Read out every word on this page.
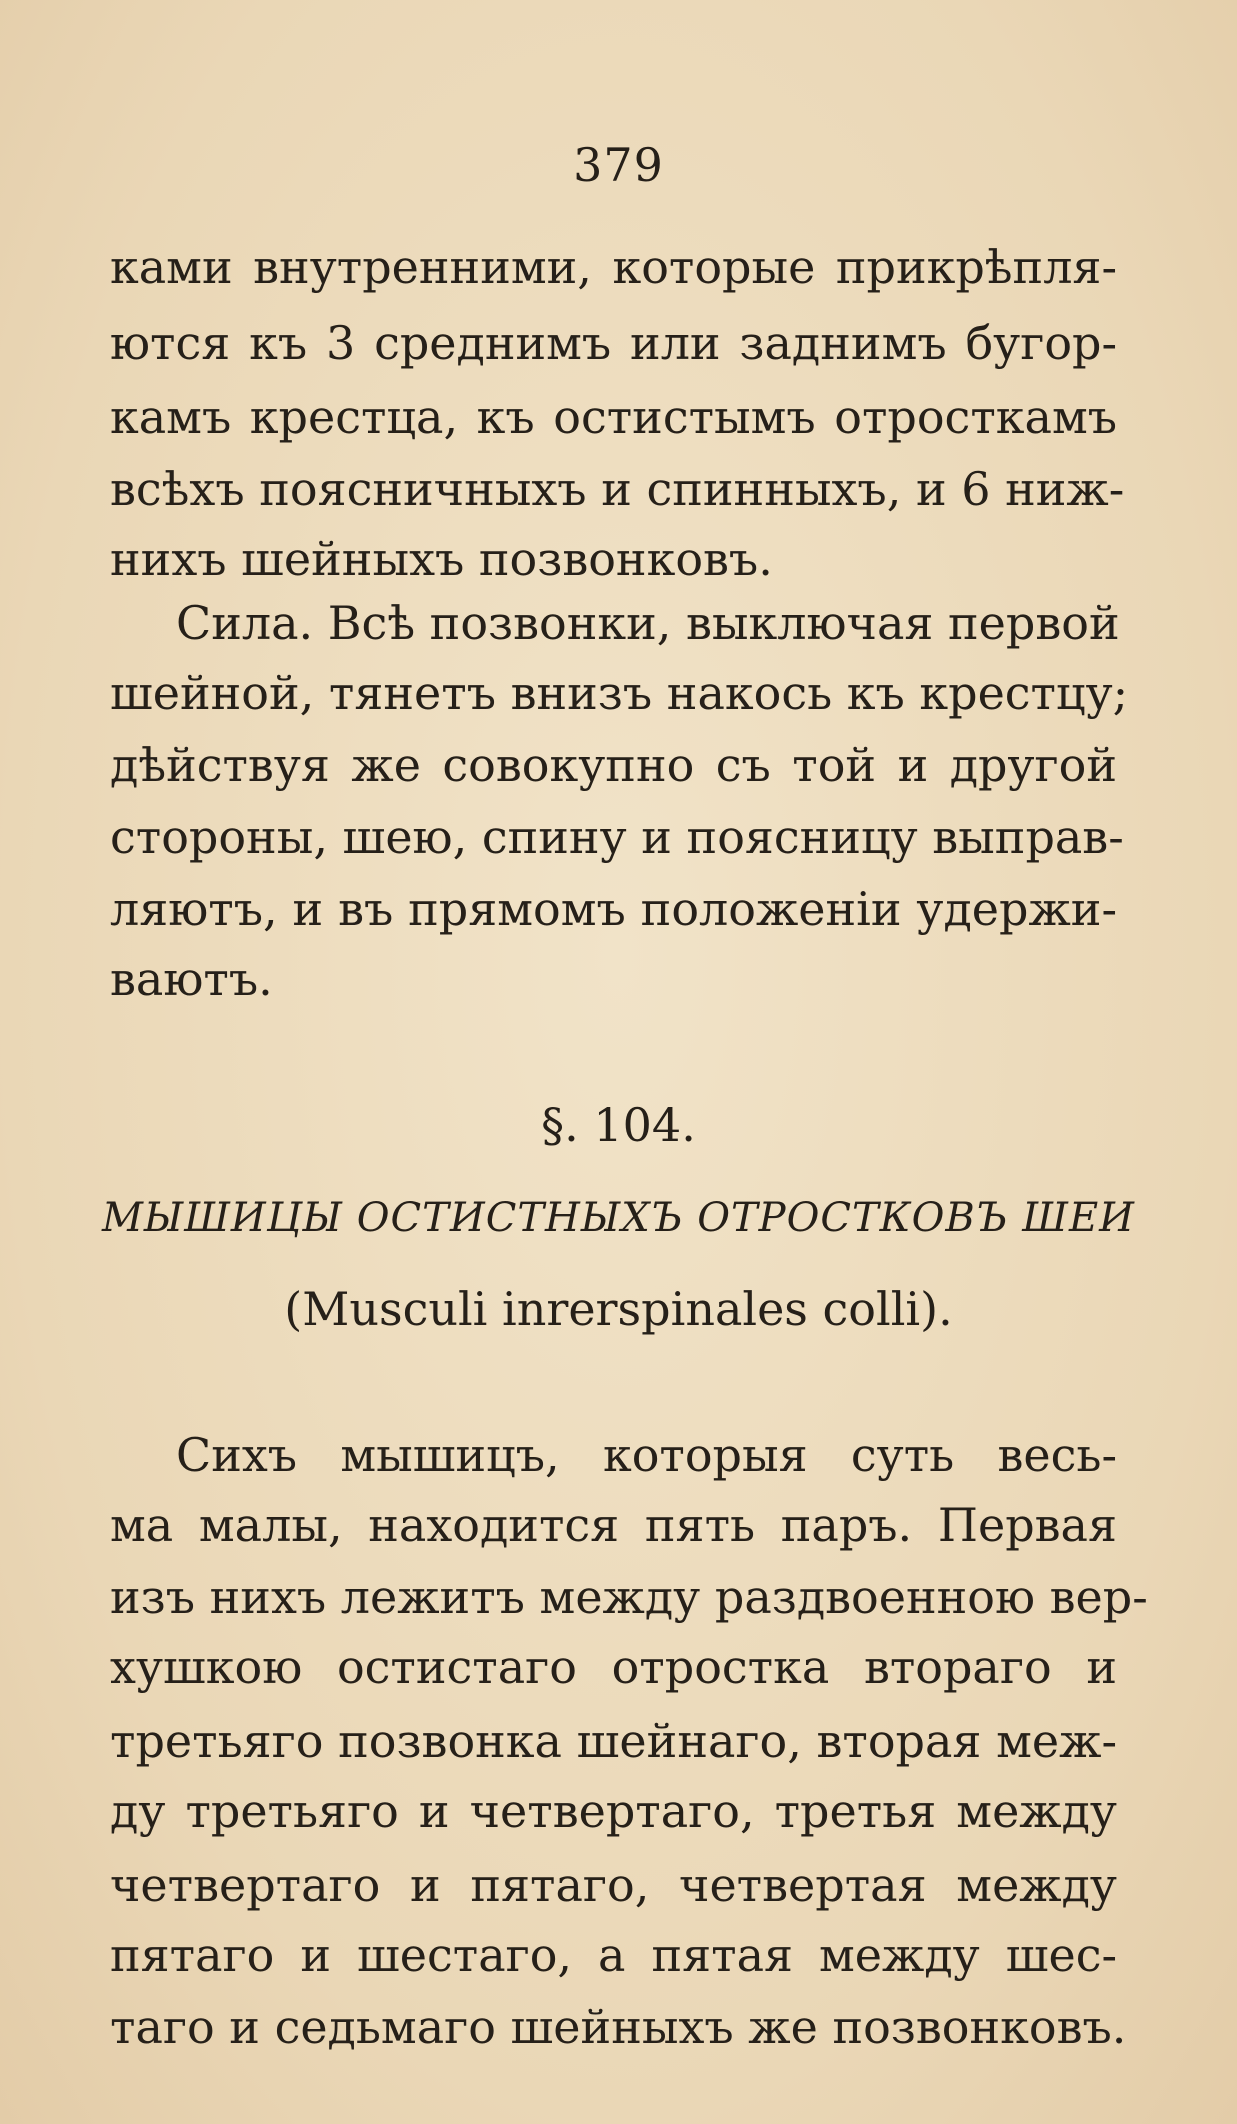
379
ками внутренними, которые прикрѣпля-
ются къ 3 среднимъ или заднимъ бугор-
камъ крестца, къ остистымъ отросткамъ
всѣхъ поясничныхъ и спинныхъ, и 6 ниж-
нихъ шейныхъ позвонковъ.
Сила. Всѣ позвонки, выключая первой
шейной, тянетъ внизъ накось къ крестцу;
дѣйствуя же совокупно съ той и другой
стороны, шею, спину и поясницу выправ-
ляютъ, и въ прямомъ положеніи удержи-
ваютъ.
§. 104.
МЫШИЦЫ ОСТИСТНЫХЪ ОТРОСТКОВЪ ШЕИ
(Musculi inrerspinales colli).
Сихъ мышицъ, которыя суть весь-
ма малы, находится пять паръ. Первая
изъ нихъ лежитъ между раздвоенною вер-
хушкою остистаго отростка втораго и
третьяго позвонка шейнаго, вторая меж-
ду третьяго и четвертаго, третья между
четвертаго и пятаго, четвертая между
пятаго и шестаго, а пятая между шес-
таго и седьмаго шейныхъ же позвонковъ.
